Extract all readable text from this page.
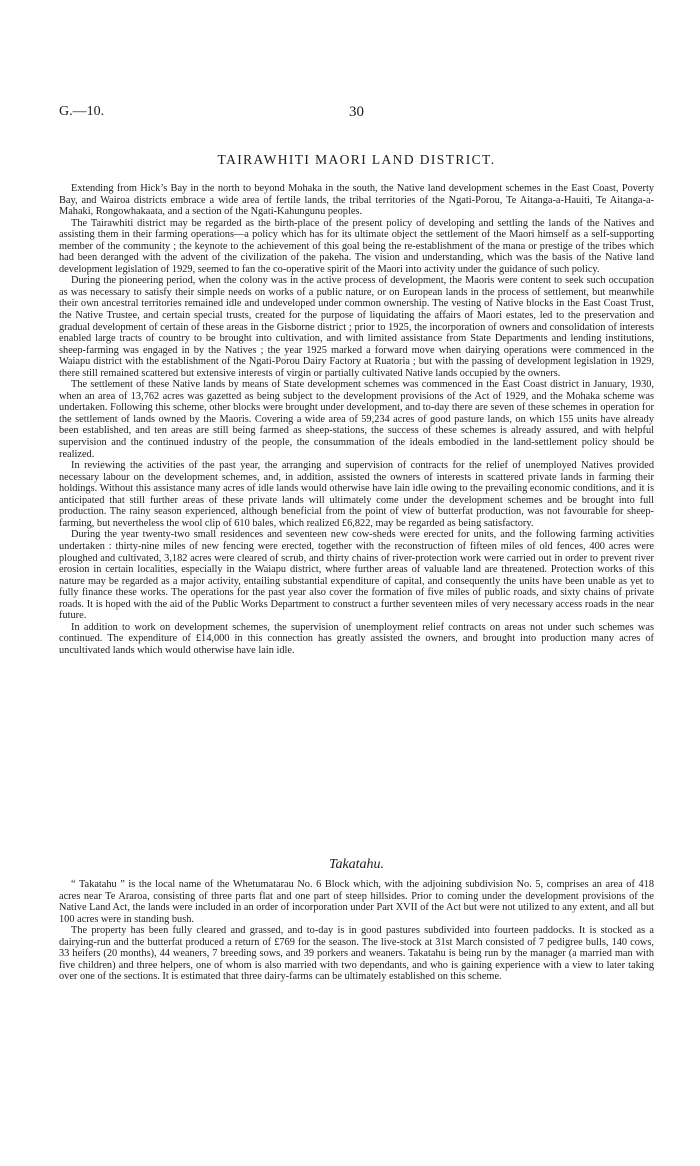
G.—10.	30
TAIRAWHITI MAORI LAND DISTRICT.

Extending from Hick’s Bay in the north to beyond Mohaka in the south, the Native land development schemes in the East Coast, Poverty Bay, and Wairoa districts embrace a wide area of fertile lands, the tribal territories of the Ngati-Porou, Te Aitanga-a-Hauiti, Te Aitanga-a-Mahaki, Rongowhakaata, and a section of the Ngati-Kahungunu peoples.

The Tairawhiti district may be regarded as the birth-place of the present policy of developing and settling the lands of the Natives and assisting them in their farming operations—a policy which has for its ultimate object the settlement of the Maori himself as a self-supporting member of the community ; the keynote to the achievement of this goal being the re-establishment of the mana or prestige of the tribes which had been deranged with the advent of the civilization of the pakeha. The vision and understanding, which was the basis of the Native land development legislation of 1929, seemed to fan the co-operative spirit of the Maori into activity under the guidance of such policy.

During the pioneering period, when the colony was in the active process of development, the Maoris were content to seek such occupation as was necessary to satisfy their simple needs on works of a public nature, or on European lands in the process of settlement, but meanwhile their own ancestral territories remained idle and undeveloped under common ownership. The vesting of Native blocks in the East Coast Trust, the Native Trustee, and certain special trusts, created for the purpose of liquidating the affairs of Maori estates, led to the preservation and gradual development of certain of these areas in the Gisborne district ; prior to 1925, the incorporation of owners and consolidation of interests enabled large tracts of country to be brought into cultivation, and with limited assistance from State Departments and lending institutions, sheep-farming was engaged in by the Natives ; the year 1925 marked a forward move when dairying operations were commenced in the Waiapu district with the establishment of the Ngati-Porou Dairy Factory at Ruatoria ; but with the passing of development legislation in 1929, there still remained scattered but extensive interests of virgin or partially cultivated Native lands occupied by the owners.

The settlement of these Native lands by means of State development schemes was commenced in the East Coast district in January, 1930, when an area of 13,762 acres was gazetted as being subject to the development provisions of the Act of 1929, and the Mohaka scheme was undertaken. Following this scheme, other blocks were brought under development, and to-day there are seven of these schemes in operation for the settlement of lands owned by the Maoris. Covering a wide area of 59,234 acres of good pasture lands, on which 155 units have already been established, and ten areas are still being farmed as sheep-stations, the success of these schemes is already assured, and with helpful supervision and the continued industry of the people, the consummation of the ideals embodied in the land-settlement policy should be realized.

In reviewing the activities of the past year, the arranging and supervision of contracts for the relief of unemployed Natives provided necessary labour on the development schemes, and, in addition, assisted the owners of interests in scattered private lands in farming their holdings. Without this assistance many acres of idle lands would otherwise have lain idle owing to the prevailing economic conditions, and it is anticipated that still further areas of these private lands will ultimately come under the development schemes and be brought into full production. The rainy season experienced, although beneficial from the point of view of butterfat production, was not favourable for sheep-farming, but nevertheless the wool clip of 610 bales, which realized £6,822, may be regarded as being satisfactory.

During the year twenty-two small residences and seventeen new cow-sheds were erected for units, and the following farming activities undertaken : thirty-nine miles of new fencing were erected, together with the reconstruction of fifteen miles of old fences, 400 acres were ploughed and cultivated, 3,182 acres were cleared of scrub, and thirty chains of river-protection work were carried out in order to prevent river erosion in certain localities, especially in the Waiapu district, where further areas of valuable land are threatened. Protection works of this nature may be regarded as a major activity, entailing substantial expenditure of capital, and consequently the units have been unable as yet to fully finance these works. The operations for the past year also cover the formation of five miles of public roads, and sixty chains of private roads. It is hoped with the aid of the Public Works Department to construct a further seventeen miles of very necessary access roads in the near future.

In addition to work on development schemes, the supervision of unemployment relief contracts on areas not under such schemes was continued. The expenditure of £14,000 in this connection has greatly assisted the owners, and brought into production many acres of uncultivated lands which would otherwise have lain idle.

Takatahu.

“ Takatahu ” is the local name of the Whetumatarau No. 6 Block which, with the adjoining subdivision No. 5, comprises an area of 418 acres near Te Araroa, consisting of three parts flat and one part of steep hillsides. Prior to coming under the development provisions of the Native Land Act, the lands were included in an order of incorporation under Part XVII of the Act but were not utilized to any extent, and all but 100 acres were in standing bush.

The property has been fully cleared and grassed, and to-day is in good pastures subdivided into fourteen paddocks. It is stocked as a dairying-run and the butterfat produced a return of £769 for the season. The live-stock at 31st March consisted of 7 pedigree bulls, 140 cows, 33 heifers (20 months), 44 weaners, 7 breeding sows, and 39 porkers and weaners. Takatahu is being run by the manager (a married man with five children) and three helpers, one of whom is also married with two dependants, and who is gaining experience with a view to later taking over one of the sections. It is estimated that three dairy-farms can be ultimately established on this scheme.
